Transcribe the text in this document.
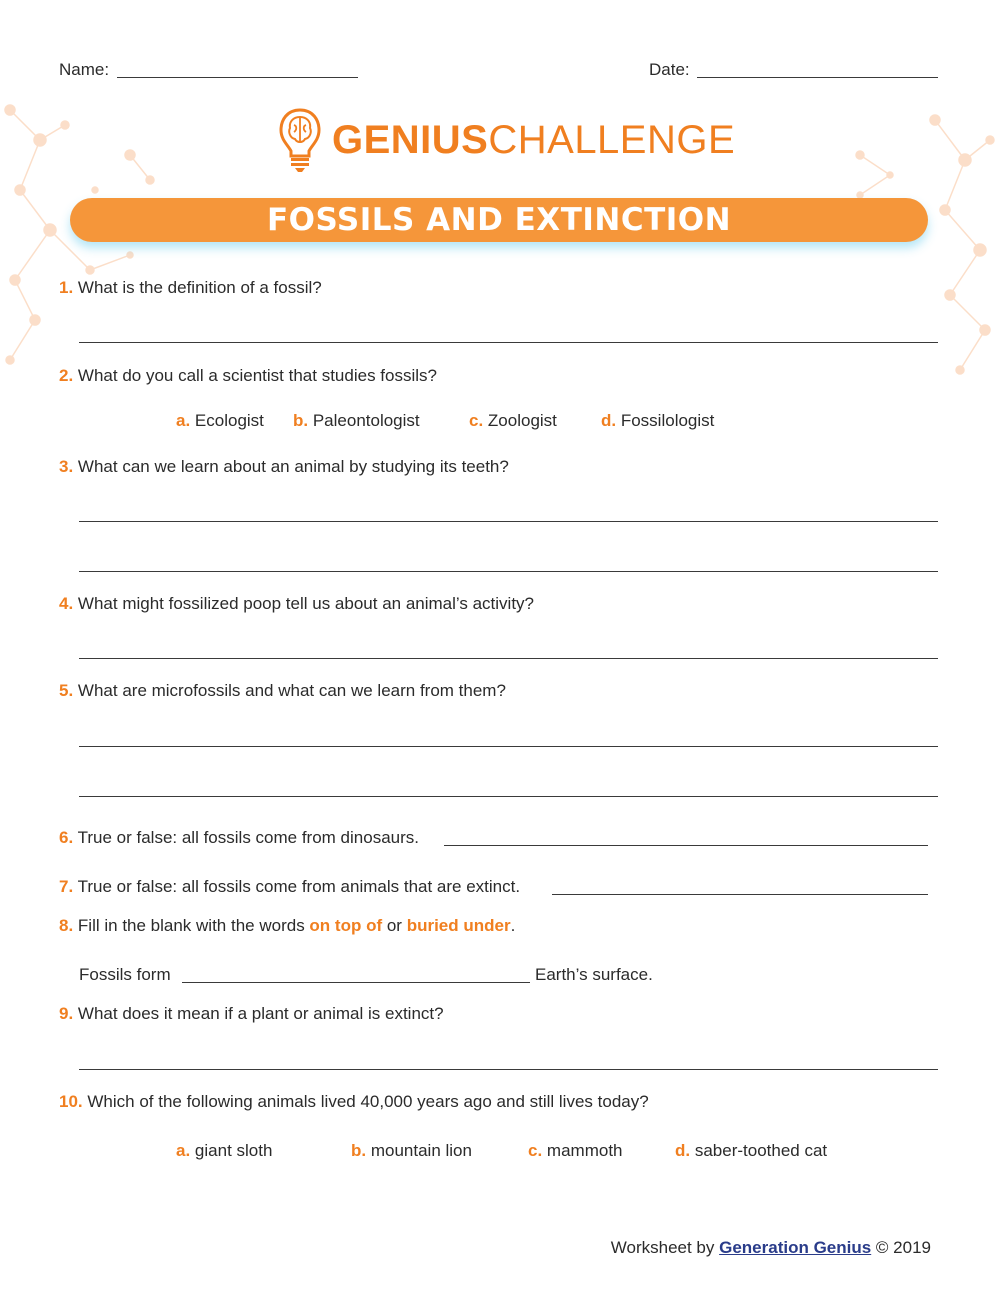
Name:	Date:
GENIUSCHALLENGE
FOSSILS AND EXTINCTION
1. What is the definition of a fossil?
2. What do you call a scientist that studies fossils?
a. Ecologist b. Paleontologist	c. Zoologist	d. Fossilologist
3. What can we learn about an animal by studying its teeth?
4. What might fossilized poop tell us about an animal’s activity?
5. What are microfossils and what can we learn from them?
6. True or false: all fossils come from dinosaurs.
7. True or false: all fossils come from animals that are extinct.
8. Fill in the blank with the words on top of or buried under.
Fossils form	Earth’s surface.
9. What does it mean if a plant or animal is extinct?
10. Which of the following animals lived 40,000 years ago and still lives today?
a. giant sloth	b. mountain lion	c. mammoth	d. saber-toothed cat
Worksheet by Generation Genius © 2019
